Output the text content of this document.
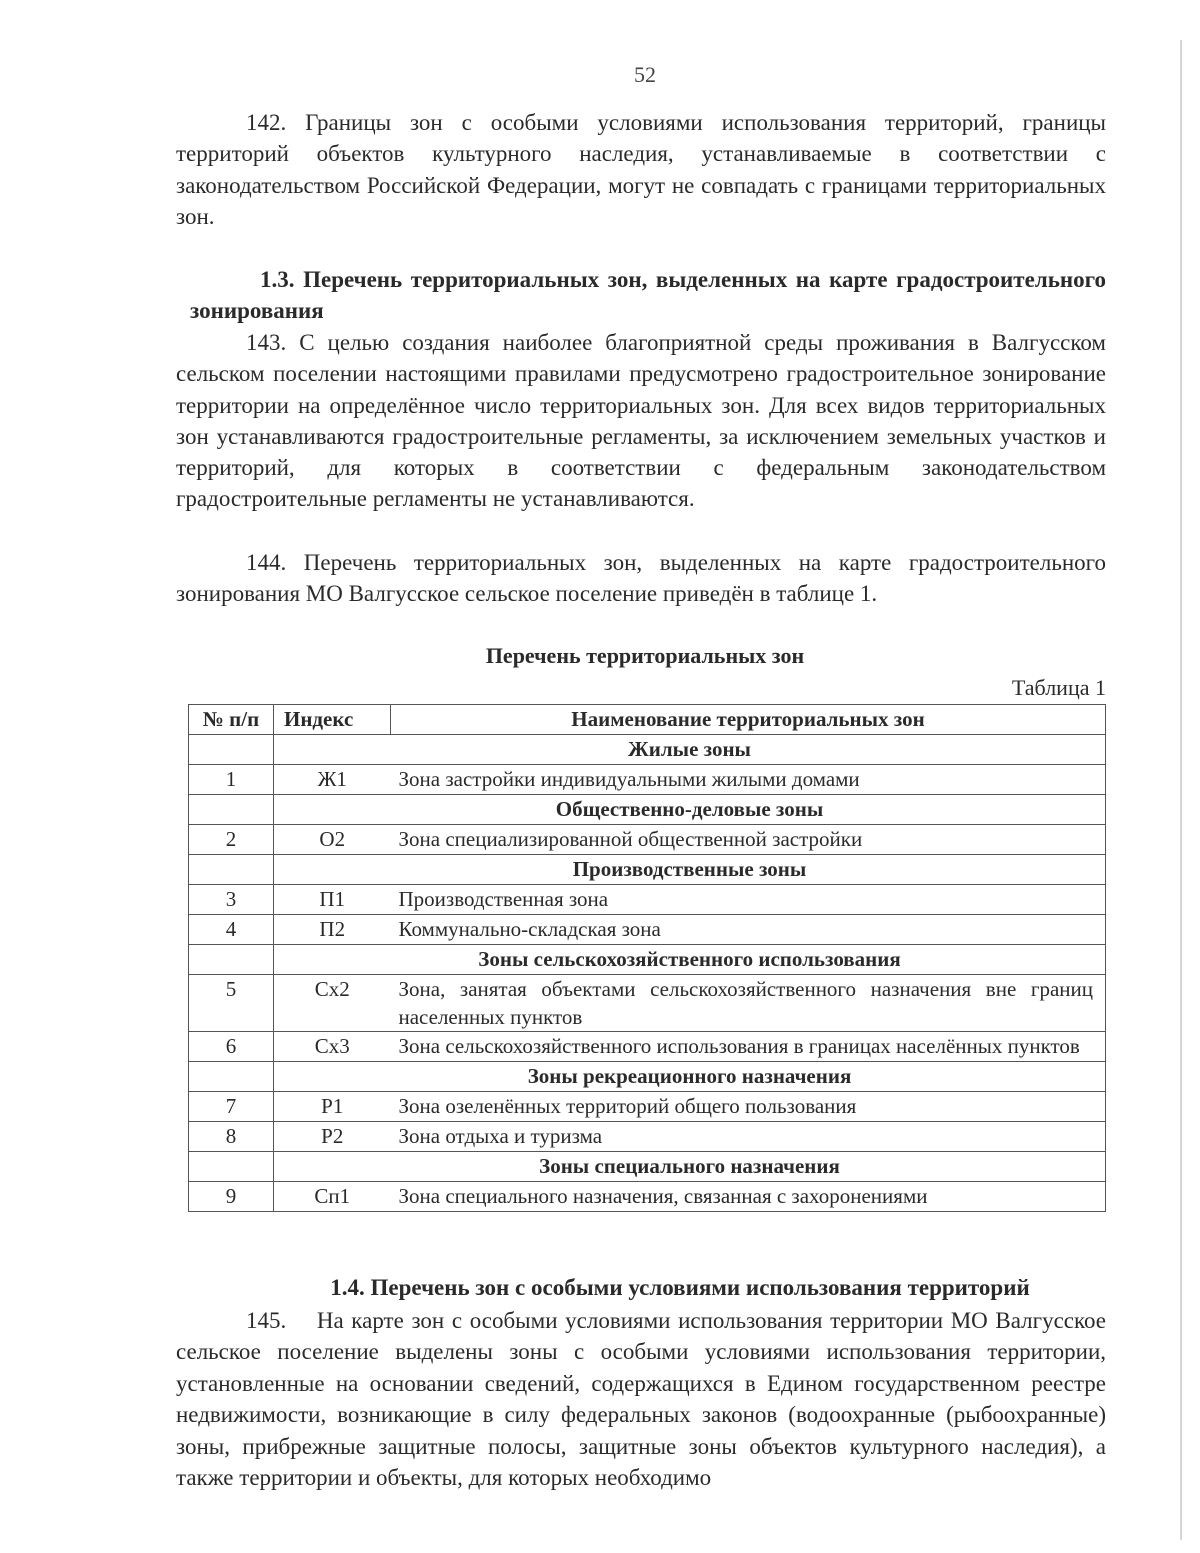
52
142. Границы зон с особыми условиями использования территорий, границы территорий объектов культурного наследия, устанавливаемые в соответствии с законодательством Российской Федерации, могут не совпадать с границами территориальных зон.
1.3. Перечень территориальных зон, выделенных на карте градостроительного зонирования
143. С целью создания наиболее благоприятной среды проживания в Валгусском сельском поселении настоящими правилами предусмотрено градостроительное зонирование территории на определённое число территориальных зон. Для всех видов территориальных зон устанавливаются градостроительные регламенты, за исключением земельных участков и территорий, для которых в соответствии с федеральным законодательством градостроительные регламенты не устанавливаются.
144. Перечень территориальных зон, выделенных на карте градостроительного зонирования МО Валгусское сельское поселение приведён в таблице 1.
Перечень территориальных зон
Таблица 1
№ п/п	Индекс	Наименование территориальных зон
	Жилые зоны	
1	Ж1	Зона застройки индивидуальными жилыми домами
	Общественно-деловые зоны	
2	О2	Зона специализированной общественной застройки
	Производственные зоны	
3	П1	Производственная зона
4	П2	Коммунально-складская зона
	Зоны сельскохозяйственного использования	
5	Сх2	Зона, занятая объектами сельскохозяйственного назначения вне границ населенных пунктов
6	Сх3	Зона сельскохозяйственного использования в границах населённых пунктов
	Зоны рекреационного назначения	
7	Р1	Зона озеленённых территорий общего пользования
8	Р2	Зона отдыха и туризма
	Зоны специального назначения	
9	Сп1	Зона специального назначения, связанная с захоронениями
1.4. Перечень зон с особыми условиями использования территорий
145. На карте зон с особыми условиями использования территории МО Валгусское сельское поселение выделены зоны с особыми условиями использования территории, установленные на основании сведений, содержащихся в Едином государственном реестре недвижимости, возникающие в силу федеральных законов (водоохранные (рыбоохранные) зоны, прибрежные защитные полосы, защитные зоны объектов культурного наследия), а также территории и объекты, для которых необходимо
